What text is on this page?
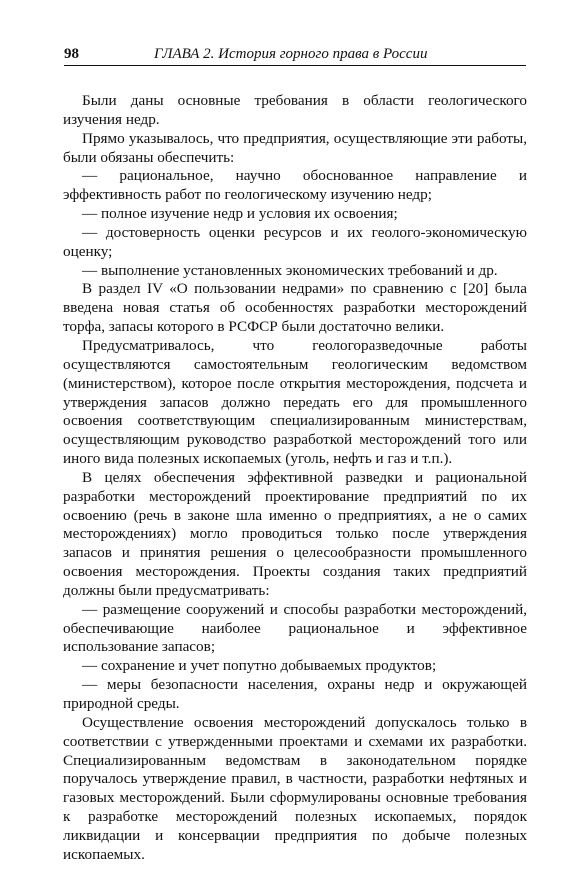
98	ГЛАВА 2. История горного права в России

Были даны основные требования в области геологического изучения недр.

Прямо указывалось, что предприятия, осуществляющие эти работы, были обязаны обеспечить:

— рациональное, научно обоснованное направление и эффективность работ по геологическому изучению недр;

— полное изучение недр и условия их освоения;

— достоверность оценки ресурсов и их геолого-экономическую оценку;

— выполнение установленных экономических требований и др.

В раздел IV «О пользовании недрами» по сравнению с [20] была введена новая статья об особенностях разработки месторождений торфа, запасы которого в РСФСР были достаточно велики.

Предусматривалось, что геологоразведочные работы осуществляются самостоятельным геологическим ведомством (министерством), которое после открытия месторождения, подсчета и утверждения запасов должно передать его для промышленного освоения соответствующим специализированным министерствам, осуществляющим руководство разработкой месторождений того или иного вида полезных ископаемых (уголь, нефть и газ и т.п.).

В целях обеспечения эффективной разведки и рациональной разработки месторождений проектирование предприятий по их освоению (речь в законе шла именно о предприятиях, а не о самих месторождениях) могло проводиться только после утверждения запасов и принятия решения о целесообразности промышленного освоения месторождения. Проекты создания таких предприятий должны были предусматривать:

— размещение сооружений и способы разработки месторождений, обеспечивающие наиболее рациональное и эффективное использование запасов;

— сохранение и учет попутно добываемых продуктов;

— меры безопасности населения, охраны недр и окружающей природной среды.

Осуществление освоения месторождений допускалось только в соответствии с утвержденными проектами и схемами их разработки. Специализированным ведомствам в законодательном порядке поручалось утверждение правил, в частности, разработки нефтяных и газовых месторождений. Были сформулированы основные требования к разработке месторождений полезных ископаемых, порядок ликвидации и консервации предприятия по добыче полезных ископаемых.
